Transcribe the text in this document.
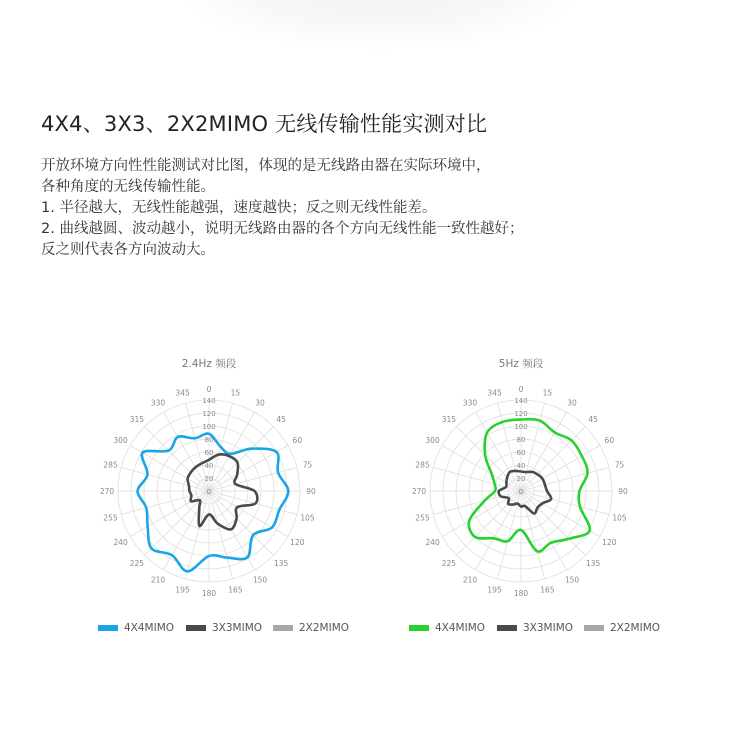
4X4、3X3、2X2MIMO 无线传输性能实测对比
开放环境方向性性能测试对比图，体现的是无线路由器在实际环境中，
各种角度的无线传输性能。
1. 半径越大，无线性能越强，速度越快；反之则无线性能差。
2. 曲线越圆、波动越小，说明无线路由器的各个方向无线性能一致性越好；
反之则代表各方向波动大。
2.4Hz 频段
0	15
30
45
60
75
90
105
120
135
150
165
180
195
210
225
240
255
270
285
300
315
330
345
0
20
40
60
80
100
120
140
5Hz 频段
0	15
30
45
60
75
90
105
120
135
150
165
180
195
210
225
240
255
270
285
300
315
330
345
0
20
40
60
80
100
120
140
4X4MIMO	3X3MIMO	2X2MIMO	4X4MIMO	3X3MIMO	2X2MIMO
